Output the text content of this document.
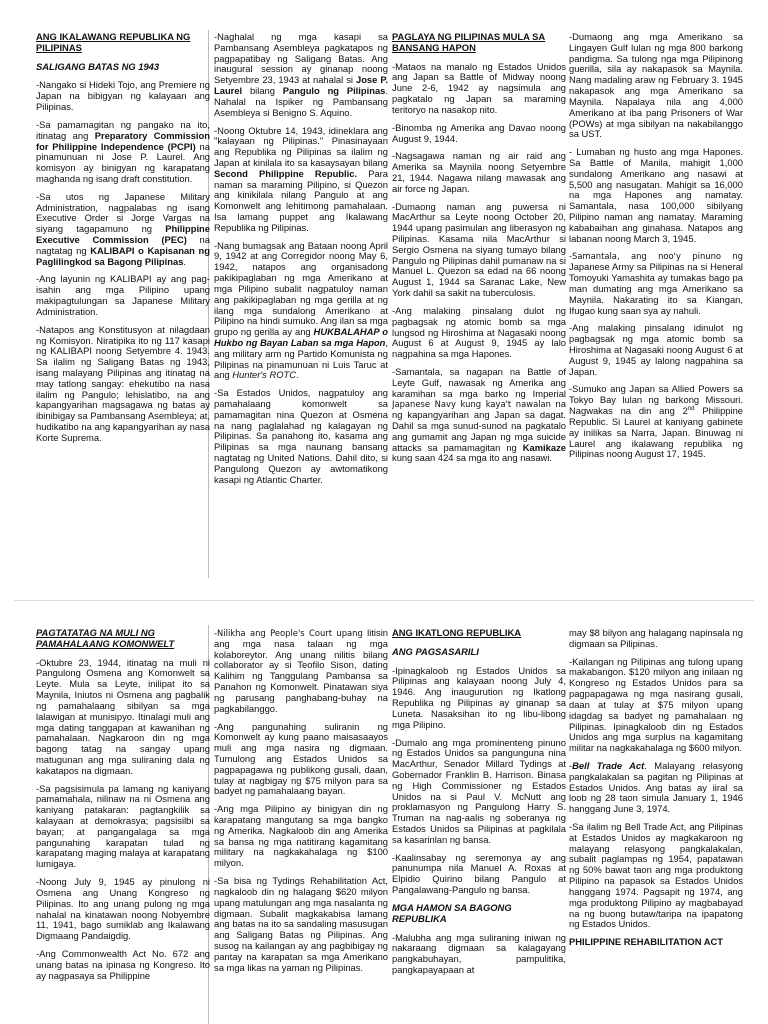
ANG IKALAWANG REPUBLIKA NG PILIPINAS
SALIGANG BATAS NG 1943

-Nangako si Hideki Tojo, ang Premiere ng Japan na bibigyan ng kalayaan ang Pilipinas.

-Sa pamamagitan ng pangako na ito, itinatag ang Preparatory Commission for Philippine Independence (PCPI) na pinamunuan ni Jose P. Laurel. Ang komisyon ay binigyan ng karapatang maghanda ng isang draft constitution.

-Sa utos ng Japanese Military Administration, nagpalabas ng isang Executive Order si Jorge Vargas na siyang tagapamuno ng Philippine Executive Commission (PEC) na nagtatag ng KALIBAPI o Kapisanan ng Paglilingkod sa Bagong Pilipinas.

-Ang layunin ng KALIBAPI ay ang pag-isahin ang mga Pilipino upang makipagtulungan sa Japanese Military Administration.

-Natapos ang Konstitusyon at nilagdaan ng Komisyon. Niratipika ito ng 117 kasapi ng KALIBAPI noong Setyembre 4. 1943. Sa ilalim ng Saligang Batas ng 1943, isang malayang Pilipinas ang itinatag na may tatlong sangay: ehekutibo na nasa ilalim ng Pangulo; lehislatibo, na ang kapangyarihan magsagawa ng batas ay ibinibigay sa Pambansang Asembleya; at, hudikatibo na ang kapangyarihan ay nasa Korte Suprema.

-Naghalal ng mga kasapi sa Pambansang Asembleya pagkatapos ng pagpapatibay ng Saligang Batas. Ang inaugural session ay ginanap noong Setyembre 23, 1943 at nahalal si Jose P. Laurel bilang Pangulo ng Pilipinas. Nahalal na Ispiker ng Pambansang Asembleya si Benigno S. Aquino.

-Noong Oktubre 14, 1943, idineklara ang "kalayaan ng Pilipinas." Pinasinayaan ang Republika ng Pilipinas sa ilalim ng Japan at kinilala ito sa kasaysayan bilang Second Philippine Republic. Para naman sa maraming Pilipino, si Quezon ang kinikilala nilang Pangulo at ang Komonwelt ang lehitimong pamahalaan. Isa lamang puppet ang Ikalawang Republika ng Pilipinas.

-Nang bumagsak ang Bataan noong April 9, 1942 at ang Corregidor noong May 6, 1942, natapos ang organisadong pakikipaglaban ng mga Amerikano at mga Pilipino subalit nagpatuloy naman ang pakikipaglaban ng mga gerilla at ng ilang mga sundalong Amerikano at Pilipino na hindi sumuko. Ang ilan sa mga grupo ng gerilla ay ang HUKBALAHAP o Hukbo ng Bayan Laban sa mga Hapon, ang military arm ng Partido Komunista ng Pilipinas na pinamunuan ni Luis Taruc at ang Hunter's ROTC.

-Sa Estados Unidos, nagpatuloy ang pamahalaang komonwelt sa pamamagitan nina Quezon at Osmena na nang paglalahad ng kalagayan ng Pilipinas. Sa panahong ito, kasama ang Pilipinas sa mga naunang bansang nagtatag ng United Nations. Dahil dito, si Pangulong Quezon ay awtomatikong kasapi ng Atlantic Charter.

PAGLAYA NG PILIPINAS MULA SA BANSANG HAPON

-Mataos na manalo ng Estados Unidos ang Japan sa Battle of Midway noong June 2-6, 1942 ay nagsimula ang pagkatalo ng Japan sa maraming teritoryo na nasakop nito.

-Binomba ng Amerika ang Davao noong August 9, 1944.

-Nagsagawa naman ng air raid ang Amerika sa Maynila noong Setyembre 21, 1944. Nagawa nilang mawasak ang air force ng Japan.

-Dumaong naman ang puwersa ni MacArthur sa Leyte noong October 20, 1944 upang pasimulan ang liberasyon ng Pilipinas. Kasama nila MacArthur si Sergio Osmena na siyang tumayo bilang Pangulo ng Pilipinas dahil pumanaw na si Manuel L. Quezon sa edad na 66 noong August 1, 1944 sa Saranac Lake, New York dahil sa sakit na tuberculosis.

-Ang malaking pinsalang dulot ng pagbagsak ng atomic bomb sa mga lungsod ng Hiroshima at Nagasaki noong August 6 at August 9, 1945 ay lalo nagpahina sa mga Hapones.

-Samantala, sa nagapan na Battle of Leyte Gulf, nawasak ng Amerika ang karamihan sa mga barko ng Imperial Japanese Navy kung kaya't nawalan na ng kapangyarihan ang Japan sa dagat. Dahil sa mga sunud-sunod na pagkatalo ang gumamit ang Japan ng mga suicide attacks sa pamamagitan ng Kamikaze kung saan 424 sa mga ito ang nasawi.

-Dumaong ang mga Amerikano sa Lingayen Gulf lulan ng mga 800 barkong pandigma. Sa tulong nga mga Pilipinong guerilla, sila ay nakapasok sa Maynila. Nang madaling araw ng February 3. 1945 nakapasok ang mga Amerikano sa Maynila. Napalaya nila ang 4,000 Amerikano at iba pang Prisoners of War (POWs) at mga sibilyan na nakabilanggo sa UST.

- Lumaban ng husto ang mga Hapones. Sa Battle of Manila, mahigit 1,000 sundalong Amerikano ang nasawi at 5,500 ang nasugatan. Mahigit sa 16,000 na mga Hapones ang namatay. Samantala, nasa 100,000 sibilyang Pilipino naman ang namatay. Maraming kababaihan ang ginahasa. Natapos ang labanan noong March 3, 1945.

-Samantala, ang noo'y pinuno ng Japanese Army sa Pilipinas na si Heneral Tomoyuki Yamashita ay tumakas bago pa man dumating ang mga Amerikano sa Maynila. Nakarating ito sa Kiangan, Ifugao kung saan sya ay nahuli.

-Ang malaking pinsalang idinulot ng pagbagsak ng mga atomic bomb sa Hiroshima at Nagasaki noong August 6 at August 9, 1945 ay lalong nagpahina sa Japan.

-Sumuko ang Japan sa Allied Powers sa Tokyo Bay lulan ng barkong Missouri. Nagwakas na din ang 2nd Philippine Republic. Si Laurel at kaniyang gabinete ay inilikas sa Narra, Japan. Binuwag ni Laurel ang ikalawang republika ng Pilipinas noong August 17, 1945.

PAGTATATAG NA MULI NG PAMAHALAANG KOMONWELT

-Oktubre 23, 1944, itinatag na muli ni Pangulong Osmena ang Komonwelt sa Leyte. Mula sa Leyte, inilipat ito sa Maynila, Iniutos ni Osmena ang pagbalik ng pamahalaang sibilyan sa mga lalawigan at munisipyo. Itinalagi muli ang mga dating tanggapan at kawanihan ng pamahalaan. Nagkaroon din ng mga bagong tatag na sangay upang matugunan ang mga suliraning dala ng kakatapos na digmaan.

-Sa pagsisimula pa lamang ng kaniyang pamamahala, nilinaw na ni Osmena ang kaniyang patakaran: pagtangkilik sa kalayaan at demokrasya; pagsisilbi sa bayan; at pangangalaga sa mga pangunahing karapatan tulad ng karapatang maging malaya at karapatang lumigaya.

-Noong July 9, 1945 ay pinulong ni Osmena ang Unang Kongreso ng Pilipinas. Ito ang unang pulong ng mga nahalal na kinatawan noong Nobyembre 11, 1941, bago sumiklab ang Ikalawang Digmaang Pandaigdig.

-Ang Commonwealth Act No. 672 ang unang batas na ipinasa ng Kongreso. Ito ay nagpasaya sa Philippine

-Nilikha ang People's Court upang litisin ang mga nasa talaan ng mga kolaboreytor. Ang unang nilitis bilang collaborator ay si Teofilo Sison, dating Kalihim ng Tanggulang Pambansa sa Panahon ng Komonwelt. Pinatawan siya ng parusang panghabang-buhay na pagkabilanggo.

-Ang pangunahing suliranin ng Komonwelt ay kung paano maisasaayos muli ang mga nasira ng digmaan. Tumulong ang Estados Unidos sa pagpapagawa ng publikong gusali, daan, tulay at nagbigay ng $75 milyon para sa badyet ng pamahalaang bayan.

-Ang mga Pilipino ay binigyan din ng karapatang mangutang sa mga bangko ng Amerika. Nagkaloob din ang Amerika sa bansa ng mga natitirang kagamitang military na nagkakahalaga ng $100 milyon.

-Sa bisa ng Tydings Rehabilitation Act, nagkaloob din ng halagang $620 milyon upang matulungan ang mga nasalanta ng digmaan. Subalit magkakabisa lamang ang batas na ito sa sandaling masusugan ang Saligang Batas ng Pilipinas. Ang susog na kailangan ay ang pagbibigay ng pantay na karapatan sa mga Amerikano sa mga likas na yaman ng Pilipinas.

ANG IKATLONG REPUBLIKA
ANG PAGSASARILI

-Ipinagkaloob ng Estados Unidos sa Pilipinas ang kalayaan noong July 4, 1946. Ang inaugurution ng Ikatlong Republika ng Pilipinas ay ginanap sa Luneta. Nasaksihan ito ng libu-libong mga Pilipino.

-Dumalo ang mga prominenteng pinuno ng Estados Unidos sa pangunguna nina MacArthur, Senador Millard Tydings at Gobernador Franklin B. Harrison. Binasa ng High Commissioner ng Estados Unidos na si Paul V. McNutt ang proklamasyon ng Pangulong Harry S. Truman na nag-aalis ng soberanya ng Estados Unidos sa Pilipinas at pagkilala sa kasarinlan ng bansa.

-Kaalinsabay ng seremonya ay ang panunumpa nila Manuel A. Roxas at Elpidio Quirino bilang Pangulo at Pangalawang-Pangulo ng bansa.

MGA HAMON SA BAGONG REPUBLIKA

-Malubha ang mga suliraning iniwan ng nakaraang digmaan sa kalagayang pangkabuhayan, pampulitika, pangkapayapaan at

may $8 bilyon ang halagang napinsala ng digmaan sa Pilipinas.

-Kailangan ng Pilipinas ang tulong upang makabangon. $120 milyon ang inilaan ng Kongreso ng Estados Unidos para sa pagpapagawa ng mga nasirang gusali, daan at tulay at $75 milyon upang idagdag sa badyet ng pamahalaan ng Pilipinas. Ipinagkaloob din ng Estados Unidos ang mga surplus na kagamitang militar na nagkakahalaga ng $600 milyon.

-Bell Trade Act. Malayang relasyong pangkalakalan sa pagitan ng Pilipinas at Estados Unidos. Ang batas ay iiral sa loob ng 28 taon simula January 1, 1946 hanggang June 3, 1974.

-Sa ilalim ng Bell Trade Act, ang Pilipinas at Estados Unidos ay magkakaroon ng malayang relasyong pangkalakalan, subalit paglampas ng 1954, papatawan ng 50% bawat taon ang mga produktong Pilipino na papasok sa Estados Unidos hanggang 1974. Pagsapit ng 1974, ang mga produktong Pilipino ay magbabayad na ng buong butaw/taripa na ipapatong ng Estados Unidos.

PHILIPPINE REHABILITATION ACT
